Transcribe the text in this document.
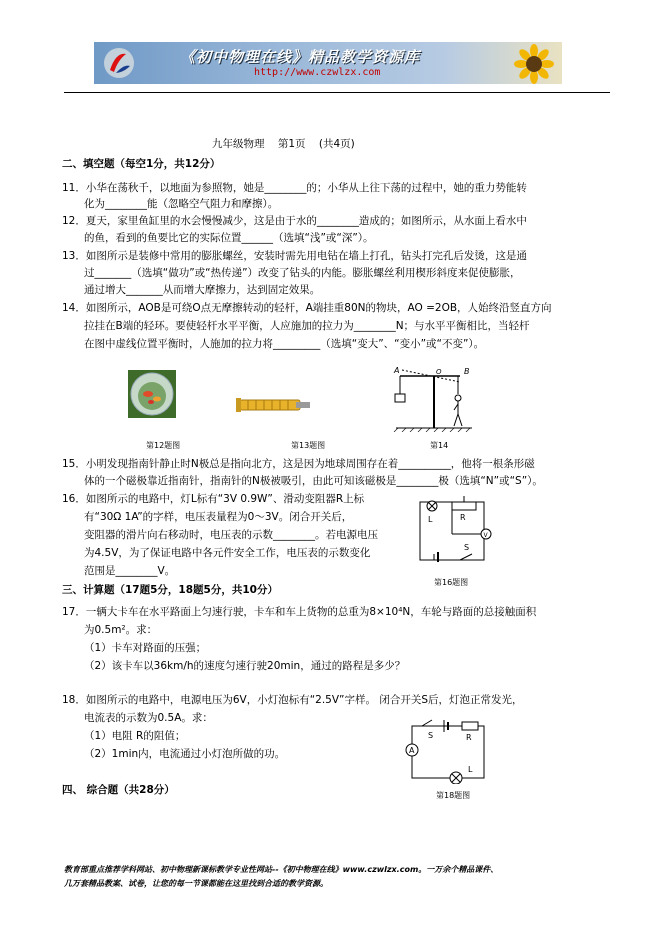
《初中物理在线》精品教学资源库
http://www.czwlzx.com
九年级物理    第1页    (共4页)
二、填空题（每空1分，共12分）
11．小华在荡秋千，以地面为参照物，她是________的；小华从上往下荡的过程中，她的重力势能转
化为________能（忽略空气阻力和摩擦）。
12．夏天，家里鱼缸里的水会慢慢减少，这是由于水的________造成的；如图所示，从水面上看水中
的鱼，看到的鱼要比它的实际位置______（选填“浅”或“深”）。
13．如图所示是装修中常用的膨胀螺丝，安装时需先用电钻在墙上打孔，钻头打完孔后发烫，这是通
过_______（选填“做功”或“热传递”）改变了钻头的内能。膨胀螺丝利用楔形斜度来促使膨胀，
通过增大_______从而增大摩擦力，达到固定效果。
14．如图所示，AOB是可绕O点无摩擦转动的轻杆，A端挂重80N的物块，AO =2OB，人始终沿竖直方向
拉挂在B端的轻环。要使轻杆水平平衡，人应施加的拉力为________N；与水平平衡相比，当轻杆
在图中虚线位置平衡时，人施加的拉力将_________（选填“变大”、“变小”或“不变”）。
第12题图	第13题图
A	O	B
第14
15．小明发现指南针静止时N极总是指向北方，这是因为地球周围存在着__________，他将一根条形磁
体的一个磁极靠近指南针，指南针的N极被吸引，由此可知该磁极是________极（选填“N”或“S”）。
16．如图所示的电路中，灯L标有“3V 0.9W”、滑动变阻器R上标
有“30Ω 1A”的字样，电压表量程为0～3V。闭合开关后，
变阻器的滑片向右移动时，电压表的示数________。若电源电压
为4.5V，为了保证电路中各元件安全工作，电压表的示数变化
范围是________V。
L	R
V
S
第16题图
三、计算题（17题5分，18题5分，共10分）
17．一辆大卡车在水平路面上匀速行驶，卡车和车上货物的总重为8×10⁴N，车轮与路面的总接触面积
为0.5m²。求：
（1）卡车对路面的压强；
（2）该卡车以36km/h的速度匀速行驶20min，通过的路程是多少？
18．如图所示的电路中，电源电压为6V，小灯泡标有“2.5V”字样。 闭合开关S后，灯泡正常发光，
电流表的示数为0.5A。求：
（1）电阻 R的阻值；
（2）1min内，电流通过小灯泡所做的功。
S	R
A
L
第18题图
四、 综合题（共28分）
教育部重点推荐学科网站、初中物理新课标教学专业性网站--《初中物理在线》www.czwlzx.com。一万余个精品课件、
几万套精品教案、试卷，让您的每一节课都能在这里找到合适的教学资源。
